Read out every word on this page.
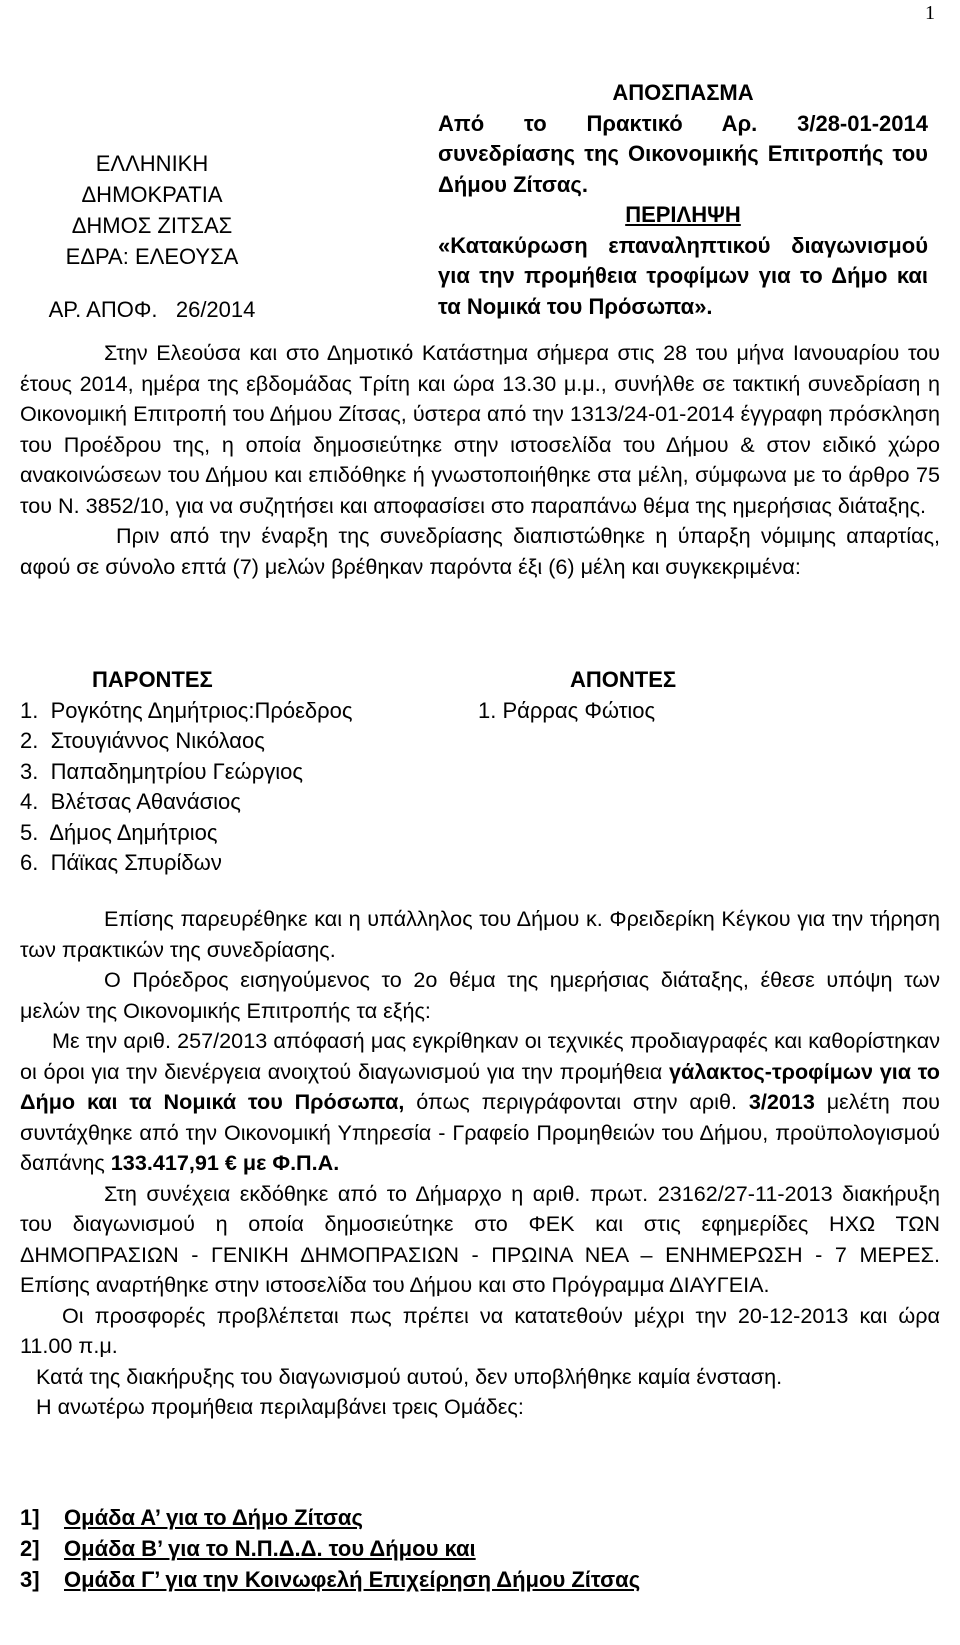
1
ΕΛΛΗΝΙΚΗ ΔΗΜΟΚΡΑΤΙΑ
ΔΗΜΟΣ ΖΙΤΣΑΣ
ΕΔΡΑ: ΕΛΕΟΥΣΑ
ΑΡ. ΑΠΟΦ.   26/2014
ΑΠΟΣΠΑΣΜΑ
Από το Πρακτικό Αρ. 3/28-01-2014 συνεδρίασης της Οικονομικής Επιτροπής του Δήμου Ζίτσας.
ΠΕΡΙΛΗΨΗ
«Κατακύρωση επαναληπτικού διαγωνισμού για την προμήθεια τροφίμων για το Δήμο και τα Νομικά του Πρόσωπα».

Στην Ελεούσα και στο Δημοτικό Κατάστημα σήμερα στις 28 του μήνα Ιανουαρίου του έτους 2014, ημέρα της εβδομάδας Τρίτη και ώρα 13.30 μ.μ., συνήλθε σε τακτική συνεδρίαση η Οικονομική Επιτροπή του Δήμου Ζίτσας, ύστερα από την 1313/24-01-2014 έγγραφη πρόσκληση του Προέδρου της, η οποία δημοσιεύτηκε στην ιστοσελίδα του Δήμου & στον ειδικό χώρο ανακοινώσεων του Δήμου και επιδόθηκε ή γνωστοποιήθηκε στα μέλη, σύμφωνα με το άρθρο 75 του Ν. 3852/10, για να συζητήσει και αποφασίσει στο παραπάνω θέμα της ημερήσιας διάταξης.

Πριν από την έναρξη της συνεδρίασης διαπιστώθηκε η ύπαρξη νόμιμης απαρτίας, αφού σε σύνολο επτά (7) μελών βρέθηκαν παρόντα έξι (6) μέλη και συγκεκριμένα:

ΠΑΡΟΝΤΕΣ
1.  Ρογκότης Δημήτριος:Πρόεδρος
2.  Στουγιάννος Νικόλαος
3.  Παπαδημητρίου Γεώργιος
4.  Βλέτσας Αθανάσιος
5.  Δήμος Δημήτριος
6.  Πάϊκας Σπυρίδων
ΑΠΟΝΤΕΣ
1. Ράρρας Φώτιος

Επίσης παρευρέθηκε και η υπάλληλος του Δήμου κ. Φρειδερίκη Κέγκου για την τήρηση των πρακτικών της συνεδρίασης.

Ο Πρόεδρος εισηγούμενος το 2ο θέμα της ημερήσιας διάταξης, έθεσε υπόψη των μελών της Οικονομικής Επιτροπής τα εξής:

Με την αριθ. 257/2013 απόφασή μας εγκρίθηκαν οι τεχνικές προδιαγραφές και καθορίστηκαν οι όροι για την διενέργεια ανοιχτού διαγωνισμού για την προμήθεια γάλακτος-τροφίμων για το Δήμο και τα Νομικά του Πρόσωπα, όπως περιγράφονται στην αριθ. 3/2013 μελέτη που συντάχθηκε από την Οικονομική Υπηρεσία - Γραφείο Προμηθειών του Δήμου, προϋπολογισμού δαπάνης 133.417,91 € με Φ.Π.Α.

Στη συνέχεια εκδόθηκε από το Δήμαρχο η αριθ. πρωτ. 23162/27-11-2013 διακήρυξη του διαγωνισμού η οποία δημοσιεύτηκε στο ΦΕΚ και στις εφημερίδες ΗΧΩ ΤΩΝ ΔΗΜΟΠΡΑΣΙΩΝ - ΓΕΝΙΚΗ ΔΗΜΟΠΡΑΣΙΩΝ - ΠΡΩΙΝΑ ΝΕΑ – ΕΝΗΜΕΡΩΣΗ - 7 ΜΕΡΕΣ. Επίσης αναρτήθηκε στην ιστοσελίδα του Δήμου και στο Πρόγραμμα ΔΙΑΥΓΕΙΑ.

Οι προσφορές προβλέπεται πως πρέπει να κατατεθούν μέχρι την 20-12-2013 και ώρα 11.00 π.μ.

Κατά της διακήρυξης του διαγωνισμού αυτού, δεν υποβλήθηκε καμία ένσταση.

Η ανωτέρω προμήθεια περιλαμβάνει τρεις Ομάδες:

1] Ομάδα Α’ για το Δήμο Ζίτσας
2] Ομάδα Β’ για το Ν.Π.Δ.Δ. του Δήμου και
3] Ομάδα Γ’ για την Κοινωφελή Επιχείρηση Δήμου Ζίτσας
